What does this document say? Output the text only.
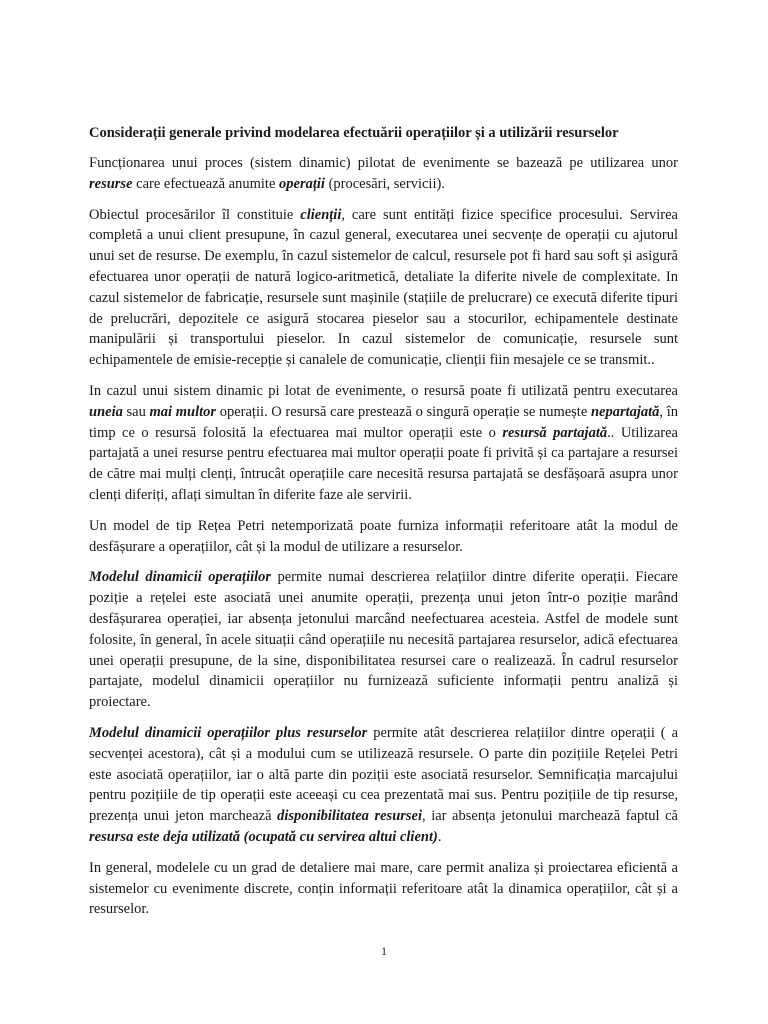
Considerații generale privind modelarea efectuării operațiilor și a utilizării resurselor

Funcționarea unui proces (sistem dinamic) pilotat de evenimente se bazează pe utilizarea unor resurse care efectuează anumite operații (procesări, servicii).

Obiectul procesărilor îl constituie clienții, care sunt entități fizice specifice procesului. Servirea completă a unui client presupune, în cazul general, executarea unei secvențe de operații cu ajutorul unui set de resurse. De exemplu, în cazul sistemelor de calcul, resursele pot fi hard sau soft și asigură efectuarea unor operații de natură logico-aritmetică, detaliate la diferite nivele de complexitate. In cazul sistemelor de fabricație, resursele sunt mașinile (stațiile de prelucrare) ce execută diferite tipuri de prelucrări, depozitele ce asigură stocarea pieselor sau a stocurilor, echipamentele destinate manipulării și transportului pieselor. In cazul sistemelor de comunicație, resursele sunt echipamentele de emisie-recepție și canalele de comunicație, clienții fiin mesajele ce se transmit..

In cazul unui sistem dinamic pi lotat de evenimente, o resursă poate fi utilizată pentru executarea uneia sau mai multor operații. O resursă care prestează o singură operație se numește nepartajată, în timp ce o resursă folosită la efectuarea mai multor operații este o resursă partajată.. Utilizarea partajată a unei resurse pentru efectuarea mai multor operații poate fi privită și ca partajare a resursei de către mai mulți clenți, întrucât operațiile care necesită resursa partajată se desfășoară asupra unor clenți diferiți, aflați simultan în diferite faze ale servirii.

Un model de tip Rețea Petri netemporizată poate furniza informații referitoare atât la modul de desfășurare a operațiilor, cât și la modul de utilizare a resurselor.

Modelul dinamicii operațiilor permite numai descrierea relațiilor dintre diferite operații. Fiecare poziție a rețelei este asociată unei anumite operații, prezența unui jeton într-o poziție marând desfășurarea operației, iar absența jetonului marcând neefectuarea acesteia. Astfel de modele sunt folosite, în general, în acele situații când operațiile nu necesită partajarea resurselor, adică efectuarea unei operații presupune, de la sine, disponibilitatea resursei care o realizează. În cadrul resurselor partajate, modelul dinamicii operațiilor nu furnizează suficiente informații pentru analiză și proiectare.

Modelul dinamicii operațiilor plus resurselor permite atât descrierea relațiilor dintre operații ( a secvenței acestora), cât și a modului cum se utilizează resursele. O parte din pozițiile Rețelei Petri este asociată operațiilor, iar o altă parte din poziții este asociată resurselor. Semnificația marcajului pentru pozițiile de tip operații este aceeași cu cea prezentată mai sus. Pentru pozițiile de tip resurse, prezența unui jeton marchează disponibilitatea resursei, iar absența jetonului marchează faptul că resursa este deja utilizată (ocupată cu servirea altui client).

In general, modelele cu un grad de detaliere mai mare, care permit analiza și proiectarea eficientă a sistemelor cu evenimente discrete, conțin informații referitoare atât la dinamica operațiilor, cât și a resurselor.

1
